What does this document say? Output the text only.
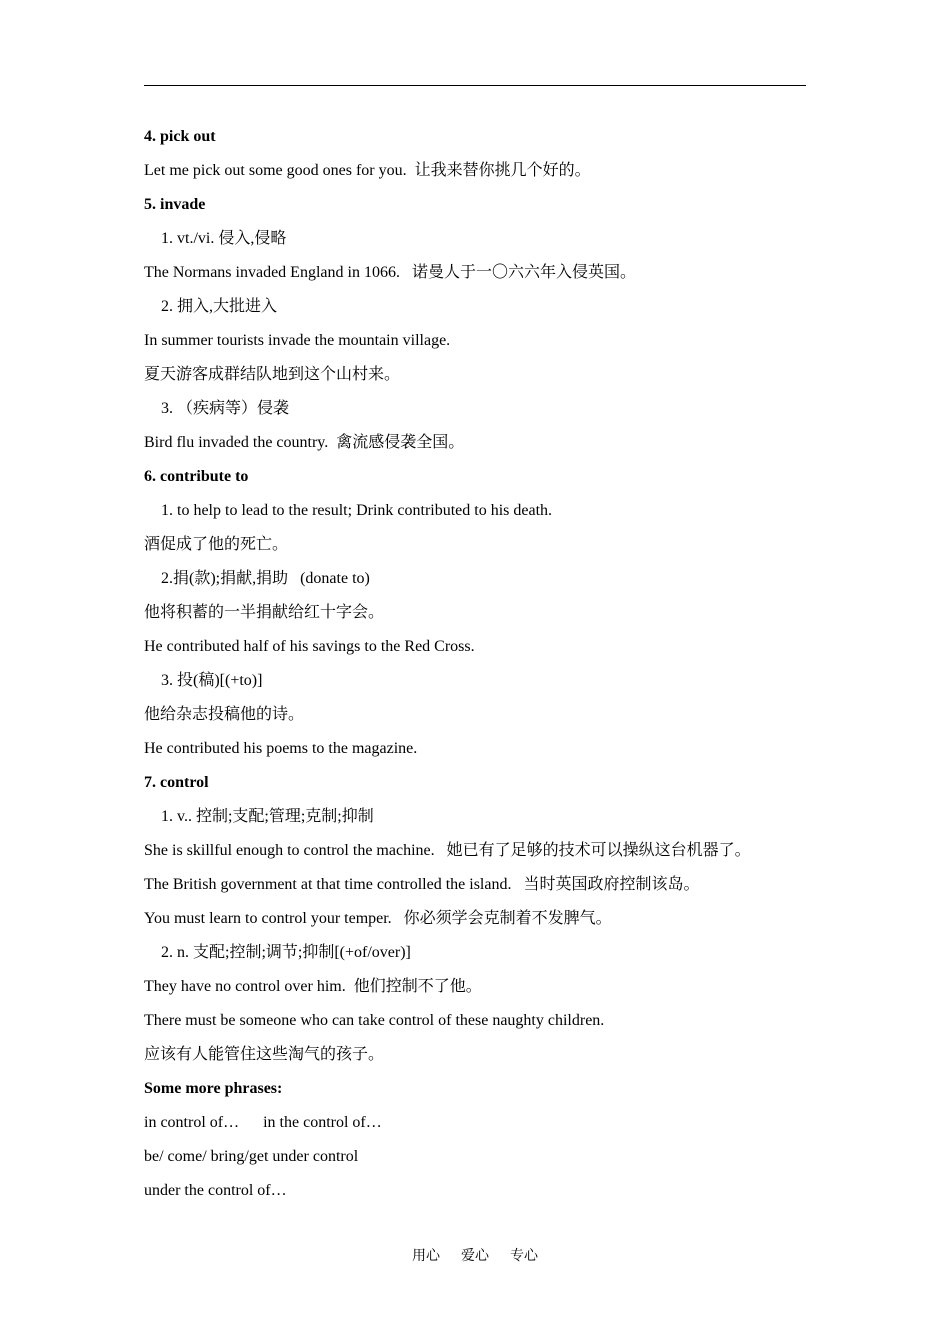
4. pick out
Let me pick out some good ones for you.  让我来替你挑几个好的。
5. invade
1. vt./vi. 侵入,侵略
The Normans invaded England in 1066.   诺曼人于一〇六六年入侵英国。
2. 拥入,大批进入
In summer tourists invade the mountain village.
夏天游客成群结队地到这个山村来。
3. （疾病等）侵袭
Bird flu invaded the country.  禽流感侵袭全国。
6. contribute to
1. to help to lead to the result; Drink contributed to his death.
酒促成了他的死亡。
2.捐(款);捐献,捐助   (donate to)
他将积蓄的一半捐献给红十字会。
He contributed half of his savings to the Red Cross.
3. 投(稿)[(+to)]
他给杂志投稿他的诗。
He contributed his poems to the magazine.
7. control
1. v.. 控制;支配;管理;克制;抑制
She is skillful enough to control the machine.   她已有了足够的技术可以操纵这台机器了。
The British government at that time controlled the island.   当时英国政府控制该岛。
You must learn to control your temper.   你必须学会克制着不发脾气。
2. n. 支配;控制;调节;抑制[(+of/over)]
They have no control over him.  他们控制不了他。
There must be someone who can take control of these naughty children.
应该有人能管住这些淘气的孩子。
Some more phrases:
in control of…      in the control of…
be/ come/ bring/get under control
under the control of…
用心      爱心      专心
